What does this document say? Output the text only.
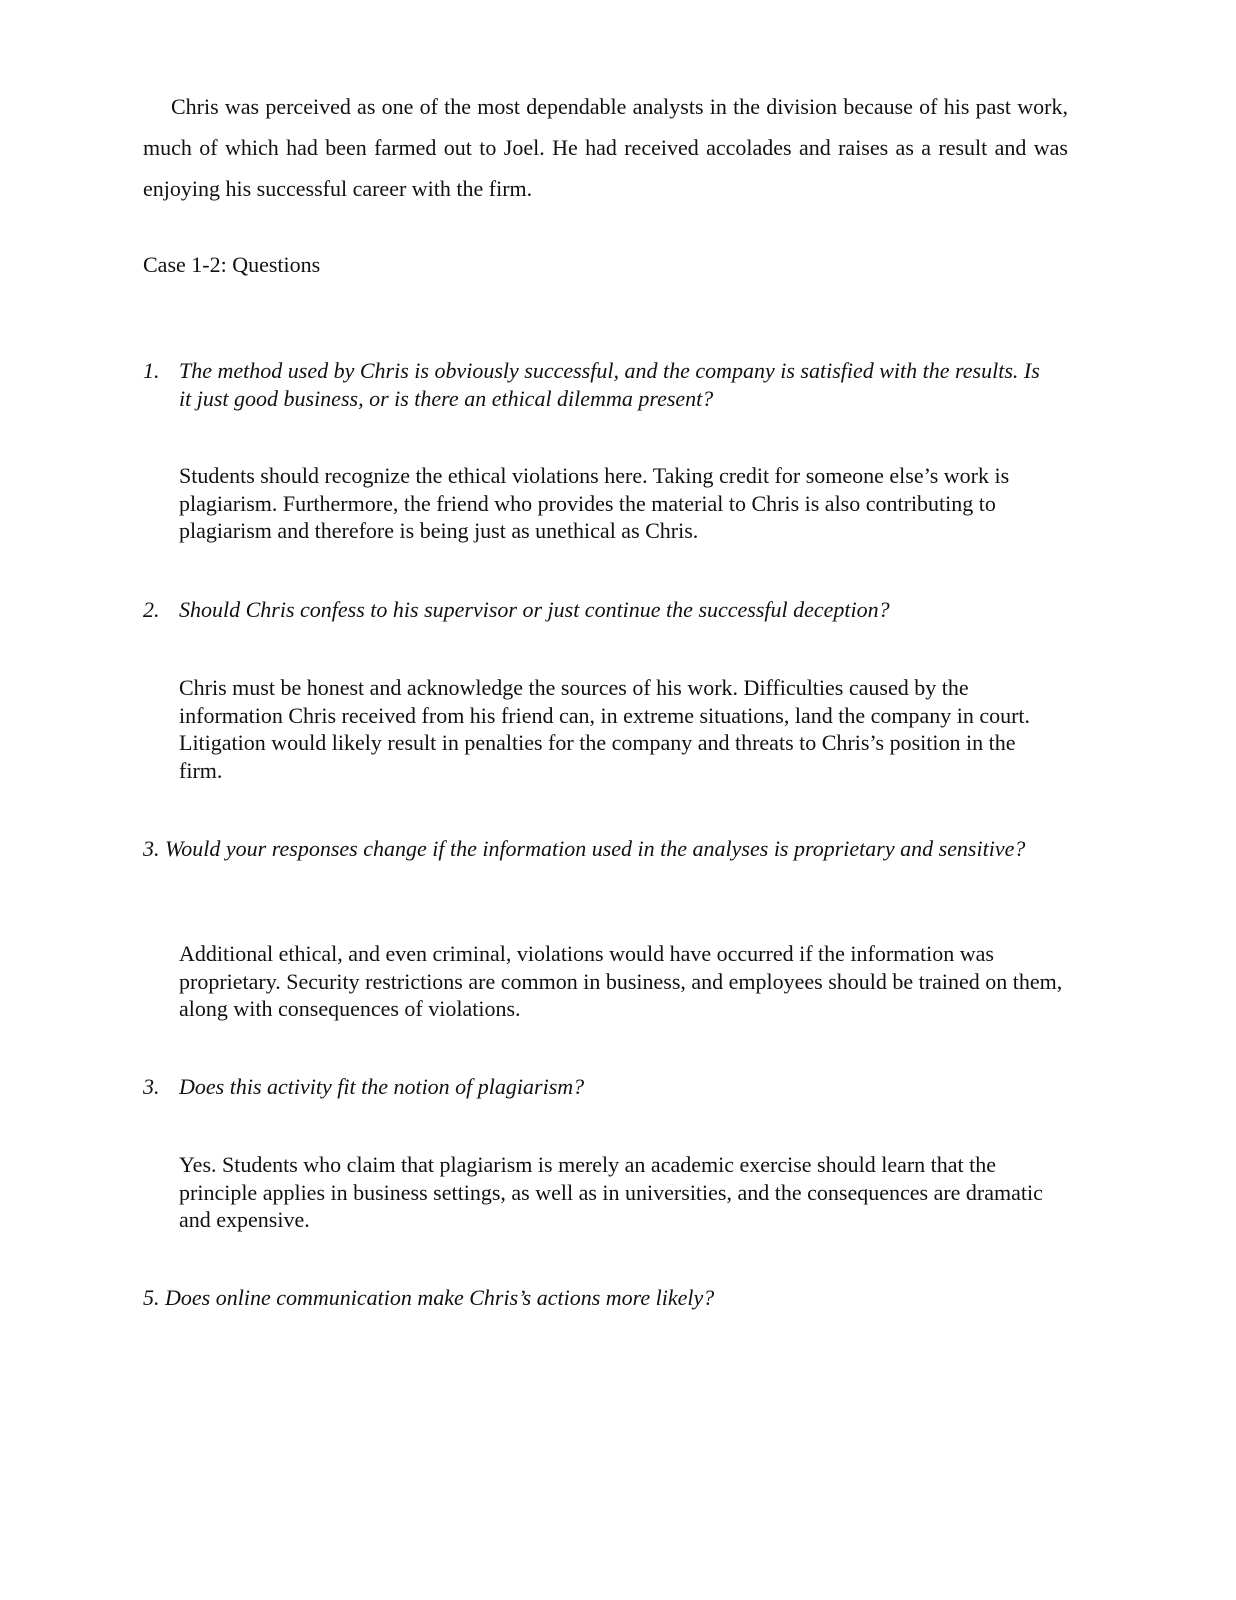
Chris was perceived as one of the most dependable analysts in the division because of his past work, much of which had been farmed out to Joel. He had received accolades and raises as a result and was enjoying his successful career with the firm.

Case 1-2: Questions

1. The method used by Chris is obviously successful, and the company is satisfied with the results. Is it just good business, or is there an ethical dilemma present?

Students should recognize the ethical violations here. Taking credit for someone else’s work is plagiarism. Furthermore, the friend who provides the material to Chris is also contributing to plagiarism and therefore is being just as unethical as Chris.

2. Should Chris confess to his supervisor or just continue the successful deception?

Chris must be honest and acknowledge the sources of his work. Difficulties caused by the information Chris received from his friend can, in extreme situations, land the company in court. Litigation would likely result in penalties for the company and threats to Chris’s position in the firm.

3. Would your responses change if the information used in the analyses is proprietary and sensitive?

Additional ethical, and even criminal, violations would have occurred if the information was proprietary. Security restrictions are common in business, and employees should be trained on them, along with consequences of violations.

3. Does this activity fit the notion of plagiarism?

Yes. Students who claim that plagiarism is merely an academic exercise should learn that the principle applies in business settings, as well as in universities, and the consequences are dramatic and expensive.

5. Does online communication make Chris’s actions more likely?
